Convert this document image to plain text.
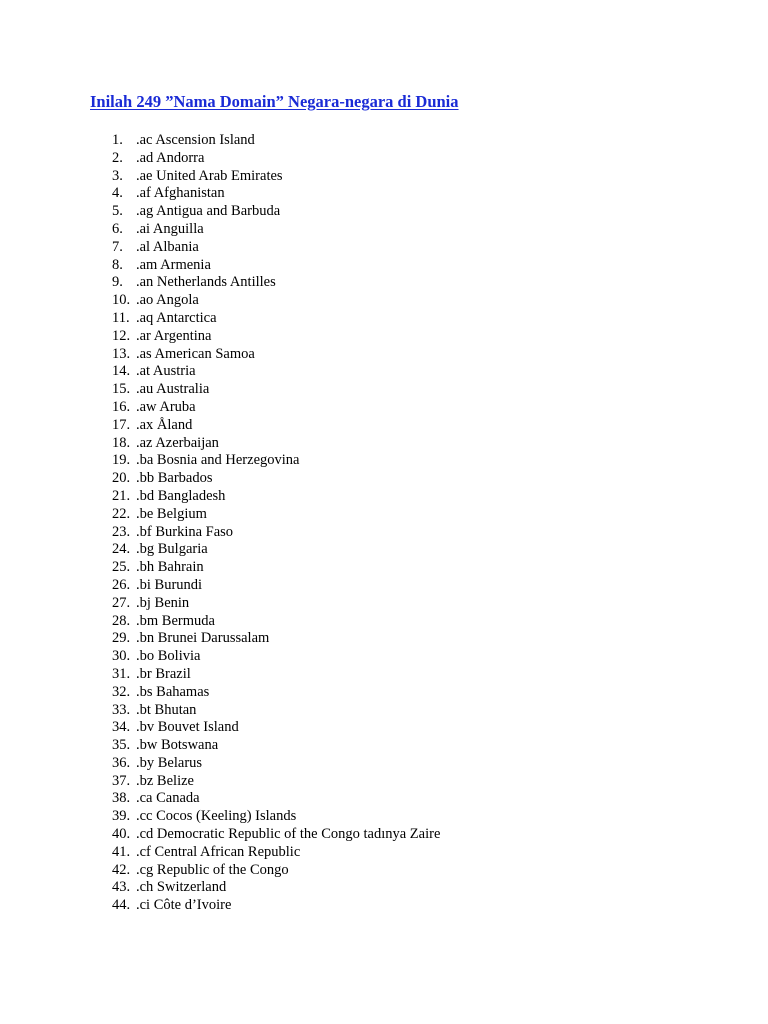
Inilah 249 ”Nama Domain” Negara-negara di Dunia
1. .ac Ascension Island
2. .ad Andorra
3. .ae United Arab Emirates
4. .af Afghanistan
5. .ag Antigua and Barbuda
6. .ai Anguilla
7. .al Albania
8. .am Armenia
9. .an Netherlands Antilles
10. .ao Angola
11. .aq Antarctica
12. .ar Argentina
13. .as American Samoa
14. .at Austria
15. .au Australia
16. .aw Aruba
17. .ax Åland
18. .az Azerbaijan
19. .ba Bosnia and Herzegovina
20. .bb Barbados
21. .bd Bangladesh
22. .be Belgium
23. .bf Burkina Faso
24. .bg Bulgaria
25. .bh Bahrain
26. .bi Burundi
27. .bj Benin
28. .bm Bermuda
29. .bn Brunei Darussalam
30. .bo Bolivia
31. .br Brazil
32. .bs Bahamas
33. .bt Bhutan
34. .bv Bouvet Island
35. .bw Botswana
36. .by Belarus
37. .bz Belize
38. .ca Canada
39. .cc Cocos (Keeling) Islands
40. .cd Democratic Republic of the Congo tadınya Zaire
41. .cf Central African Republic
42. .cg Republic of the Congo
43. .ch Switzerland
44. .ci Côte d’Ivoire
